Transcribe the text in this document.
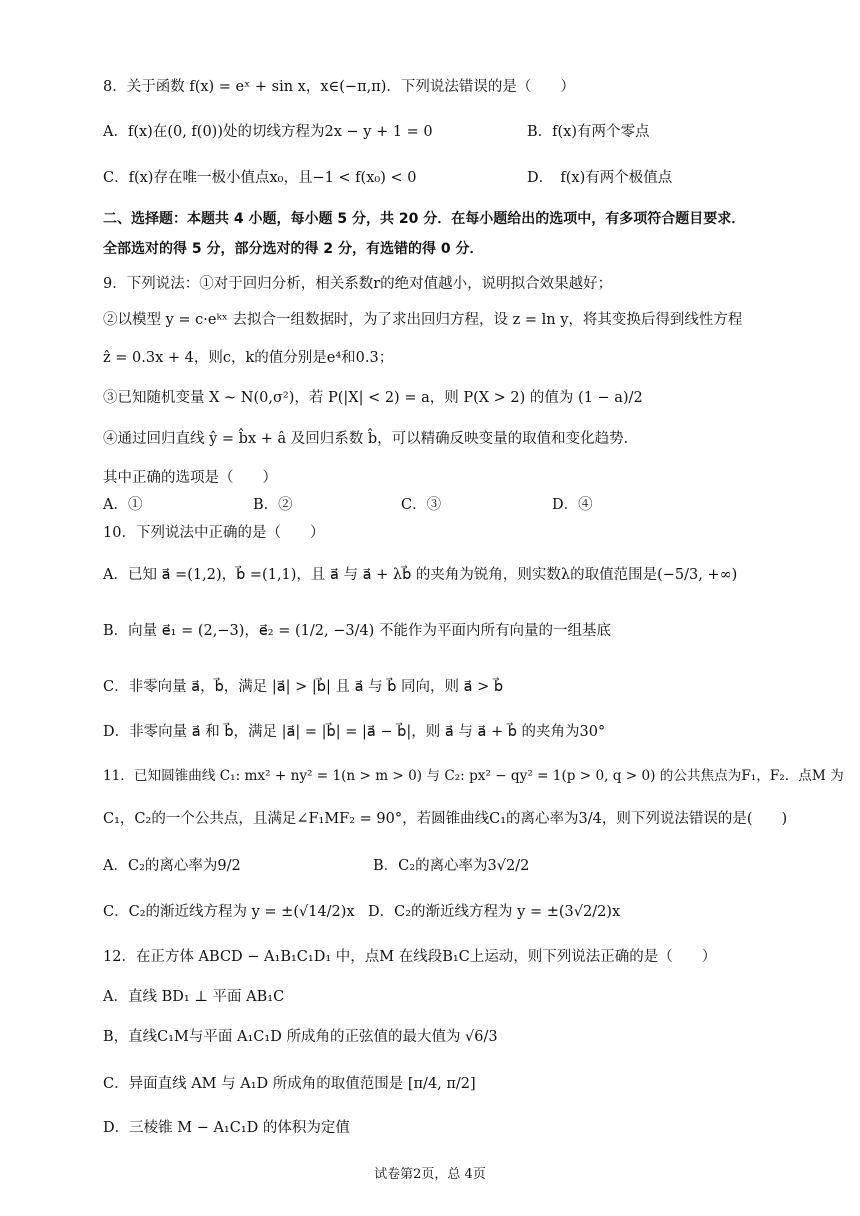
8．关于函数 f(x) = eˣ + sin x，x∈(−π,π)．下列说法错误的是（　　）
A．f(x)在(0, f(0))处的切线方程为2x − y + 1 = 0	B．f(x)有两个零点
C．f(x)存在唯一极小值点x₀，且−1 < f(x₀) < 0	D．　f(x)有两个极值点
二、选择题：本题共 4 小题，每小题 5 分，共 20 分．在每小题给出的选项中，有多项符合题目要求．
全部选对的得 5 分，部分选对的得 2 分，有选错的得 0 分．
9．下列说法：①对于回归分析，相关系数r的绝对值越小，说明拟合效果越好；
②以模型 y = c·eᵏˣ 去拟合一组数据时，为了求出回归方程，设 z = ln y，将其变换后得到线性方程
ẑ = 0.3x + 4，则c，k的值分别是e⁴和0.3；
③已知随机变量 X ~ N(0,σ²)，若 P(|X| < 2) = a，则 P(X > 2) 的值为 (1 − a)/2
④通过回归直线 ŷ = b̂x + â 及回归系数 b̂，可以精确反映变量的取值和变化趋势．
其中正确的选项是（　　）
A．①	B．②	C．③	D．④
10．下列说法中正确的是（　　）
A．已知 a⃗ =(1,2)，b⃗ =(1,1)，且 a⃗ 与 a⃗ + λb⃗ 的夹角为锐角，则实数λ的取值范围是(−5/3, +∞)
B．向量 e⃗₁ = (2,−3)，e⃗₂ = (1/2, −3/4) 不能作为平面内所有向量的一组基底
C．非零向量 a⃗，b⃗，满足 |a⃗| > |b⃗| 且 a⃗ 与 b⃗ 同向，则 a⃗ > b⃗
D．非零向量 a⃗ 和 b⃗，满足 |a⃗| = |b⃗| = |a⃗ − b⃗|，则 a⃗ 与 a⃗ + b⃗ 的夹角为30°
11．已知圆锥曲线 C₁: mx² + ny² = 1(n > m > 0) 与 C₂: px² − qy² = 1(p > 0, q > 0) 的公共焦点为F₁，F₂．点M 为
C₁，C₂的一个公共点，且满足∠F₁MF₂ = 90°，若圆锥曲线C₁的离心率为3/4，则下列说法错误的是(　　)
A．C₂的离心率为9/2	B．C₂的离心率为3√2/2
C．C₂的渐近线方程为 y = ±(√14/2)x D．C₂的渐近线方程为 y = ±(3√2/2)x
12．在正方体 ABCD − A₁B₁C₁D₁ 中，点M 在线段B₁C上运动，则下列说法正确的是（　　）
A．直线 BD₁ ⊥ 平面 AB₁C
B，直线C₁M与平面 A₁C₁D 所成角的正弦值的最大值为 √6/3
C．异面直线 AM 与 A₁D 所成角的取值范围是 [π/4, π/2]
D．三棱锥 M − A₁C₁D 的体积为定值
试卷第2页，总 4页
